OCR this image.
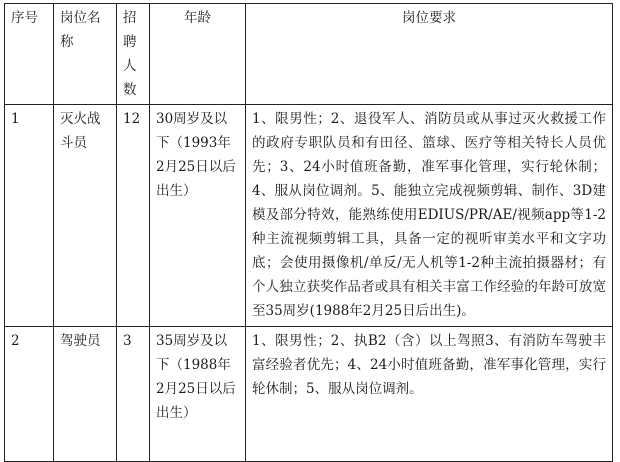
序号	岗位名称	招聘人数	年龄	岗位要求
1	灭火战斗员	12	30周岁及以下（1993年2月25日以后出生）	1、限男性；2、退役军人、消防员或从事过灭火救援工作的政府专职队员和有田径、篮球、医疗等相关特长人员优先；3、24小时值班备勤，准军事化管理，实行轮休制；4、服从岗位调剂。5、能独立完成视频剪辑、制作、3D建模及部分特效，能熟练使用EDIUS/PR/AE/视频app等1-2种主流视频剪辑工具，具备一定的视听审美水平和文字功底；会使用摄像机/单反/无人机等1-2种主流拍摄器材；有个人独立获奖作品者或具有相关丰富工作经验的年龄可放宽至35周岁(1988年2月25日后出生)。
2	驾驶员	3	35周岁及以下（1988年2月25日以后出生）	1、限男性；2、执B2（含）以上驾照3、有消防车驾驶丰富经验者优先；4、24小时值班备勤，准军事化管理，实行轮休制；5、服从岗位调剂。
